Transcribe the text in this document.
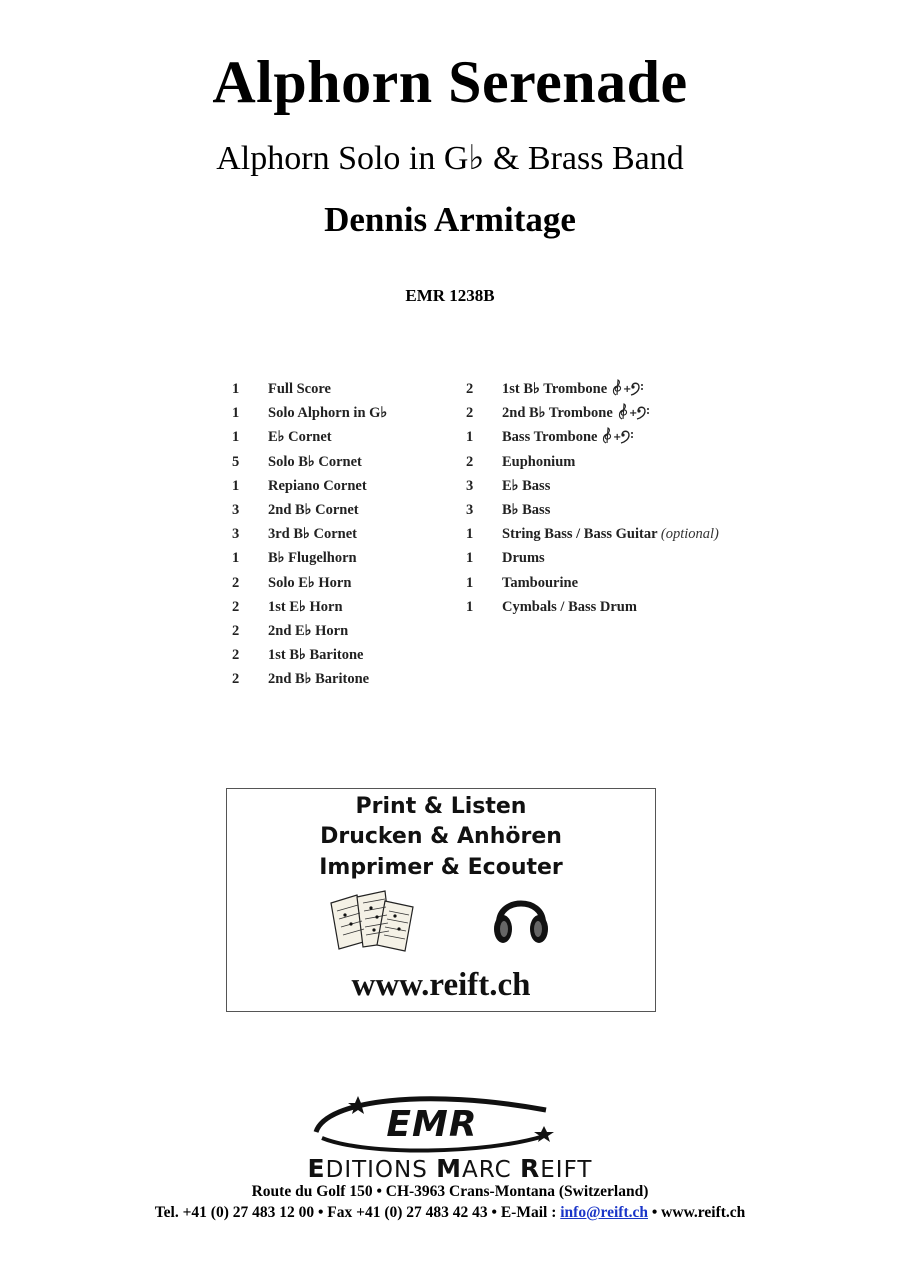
Alphorn Serenade
Alphorn Solo in G♭ & Brass Band
Dennis Armitage
EMR 1238B
1 Full Score
1 Solo Alphorn in G♭
1 E♭ Cornet
5 Solo B♭ Cornet
1 Repiano Cornet
3 2nd B♭ Cornet
3 3rd B♭ Cornet
1 B♭ Flugelhorn
2 Solo E♭ Horn
2 1st E♭ Horn
2 2nd E♭ Horn
2 1st B♭ Baritone
2 2nd B♭ Baritone
2 1st B♭ Trombone +
2 2nd B♭ Trombone +
1 Bass Trombone +
2 Euphonium
3 E♭ Bass
3 B♭ Bass
1 String Bass / Bass Guitar (optional)
1 Drums
1 Tambourine
1 Cymbals / Bass Drum
Print & Listen
Drucken & Anhören
Imprimer & Ecouter
www.reift.ch
EMR
EDITIONS MARC REIFT
Route du Golf 150 • CH-3963 Crans-Montana (Switzerland)
Tel. +41 (0) 27 483 12 00 • Fax +41 (0) 27 483 42 43 • E-Mail : info@reift.ch • www.reift.ch
